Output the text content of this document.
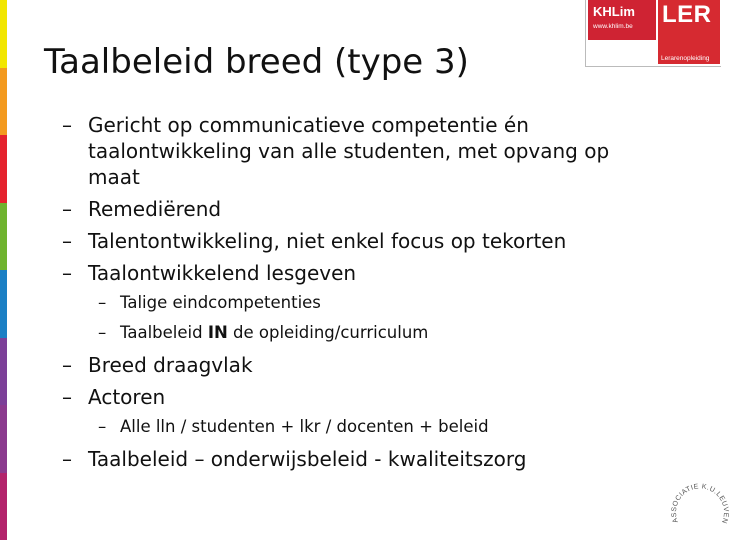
KHLim
www.khlim.be LER
Lerarenopleiding
Taalbeleid breed (type 3)
– Gericht op communicatieve competentie én taalontwikkeling van alle studenten, met opvang op maat
– Remediërend
– Talentontwikkeling, niet enkel focus op tekorten
– Taalontwikkelend lesgeven
– Talige eindcompetenties
– Taalbeleid IN de opleiding/curriculum
– Breed draagvlak
– Actoren
– Alle lln / studenten + lkr / docenten + beleid
– Taalbeleid – onderwijsbeleid - kwaliteitszorg
ASSOCIATIE K.U.LEUVEN
